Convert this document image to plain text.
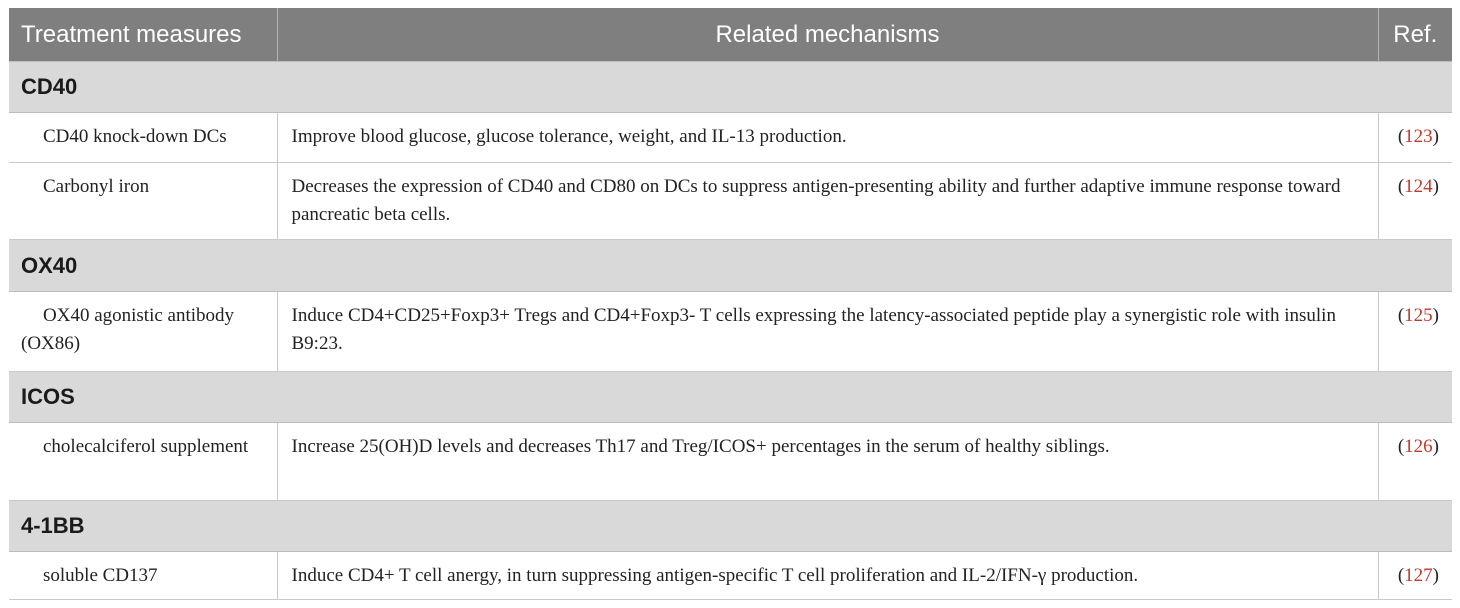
Treatment measures	Related mechanisms	Ref.
CD40		
CD40 knock-down DCs	Improve blood glucose, glucose tolerance, weight, and IL-13 production.	(123)
Carbonyl iron	Decreases the expression of CD40 and CD80 on DCs to suppress antigen-presenting ability and further adaptive immune response toward pancreatic beta cells.	(124)
OX40		
OX40 agonistic antibody (OX86)	Induce CD4+CD25+Foxp3+ Tregs and CD4+Foxp3- T cells expressing the latency-associated peptide play a synergistic role with insulin B9:23.	(125)
ICOS		
cholecalciferol supplement	Increase 25(OH)D levels and decreases Th17 and Treg/ICOS+ percentages in the serum of healthy siblings.	(126)
4-1BB		
soluble CD137	Induce CD4+ T cell anergy, in turn suppressing antigen-specific T cell proliferation and IL-2/IFN-γ production.	(127)
